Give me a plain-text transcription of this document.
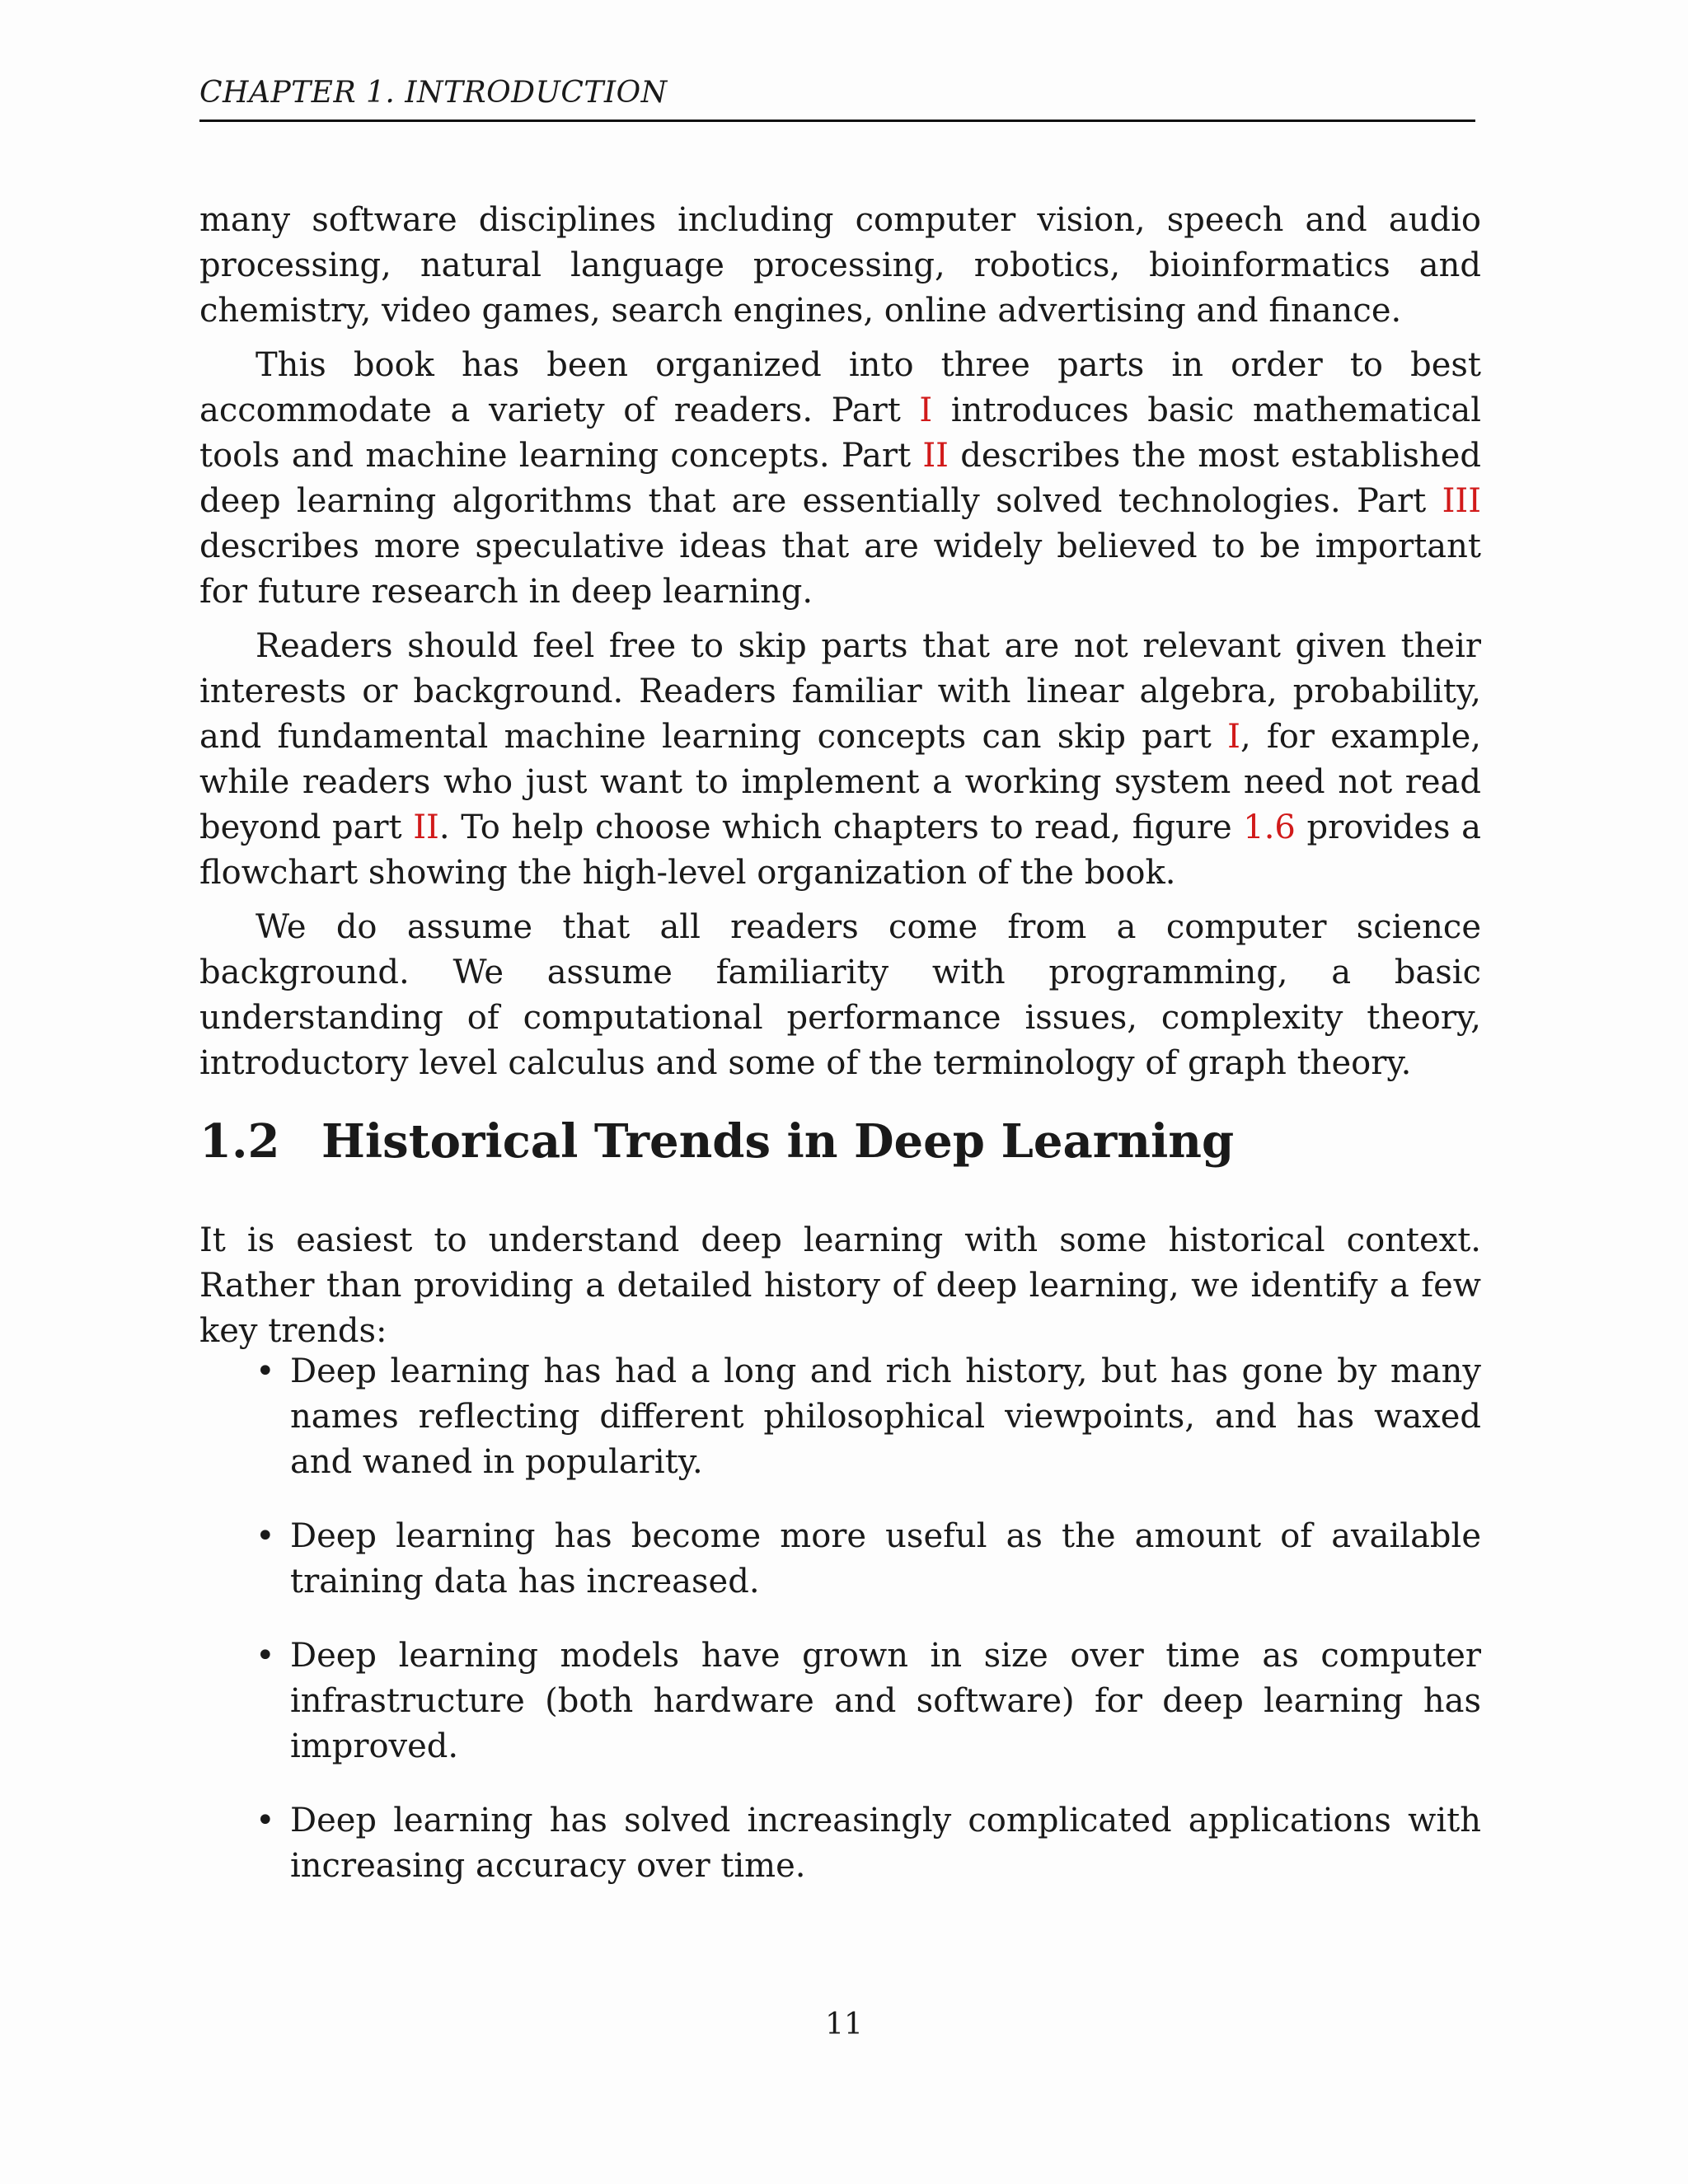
CHAPTER 1. INTRODUCTION

many software disciplines including computer vision, speech and audio processing, natural language processing, robotics, bioinformatics and chemistry, video games, search engines, online advertising and finance.

This book has been organized into three parts in order to best accommodate a variety of readers. Part I introduces basic mathematical tools and machine learning concepts. Part II describes the most established deep learning algorithms that are essentially solved technologies. Part III describes more speculative ideas that are widely believed to be important for future research in deep learning.

Readers should feel free to skip parts that are not relevant given their interests or background. Readers familiar with linear algebra, probability, and fundamental machine learning concepts can skip part I, for example, while readers who just want to implement a working system need not read beyond part II. To help choose which chapters to read, figure 1.6 provides a flowchart showing the high-level organization of the book.

We do assume that all readers come from a computer science background. We assume familiarity with programming, a basic understanding of computational performance issues, complexity theory, introductory level calculus and some of the terminology of graph theory.

1.2 Historical Trends in Deep Learning
It is easiest to understand deep learning with some historical context. Rather than providing a detailed history of deep learning, we identify a few key trends:
• Deep learning has had a long and rich history, but has gone by many names reflecting different philosophical viewpoints, and has waxed and waned in popularity.
• Deep learning has become more useful as the amount of available training data has increased.
• Deep learning models have grown in size over time as computer infrastructure (both hardware and software) for deep learning has improved.
• Deep learning has solved increasingly complicated applications with increasing accuracy over time.
11
